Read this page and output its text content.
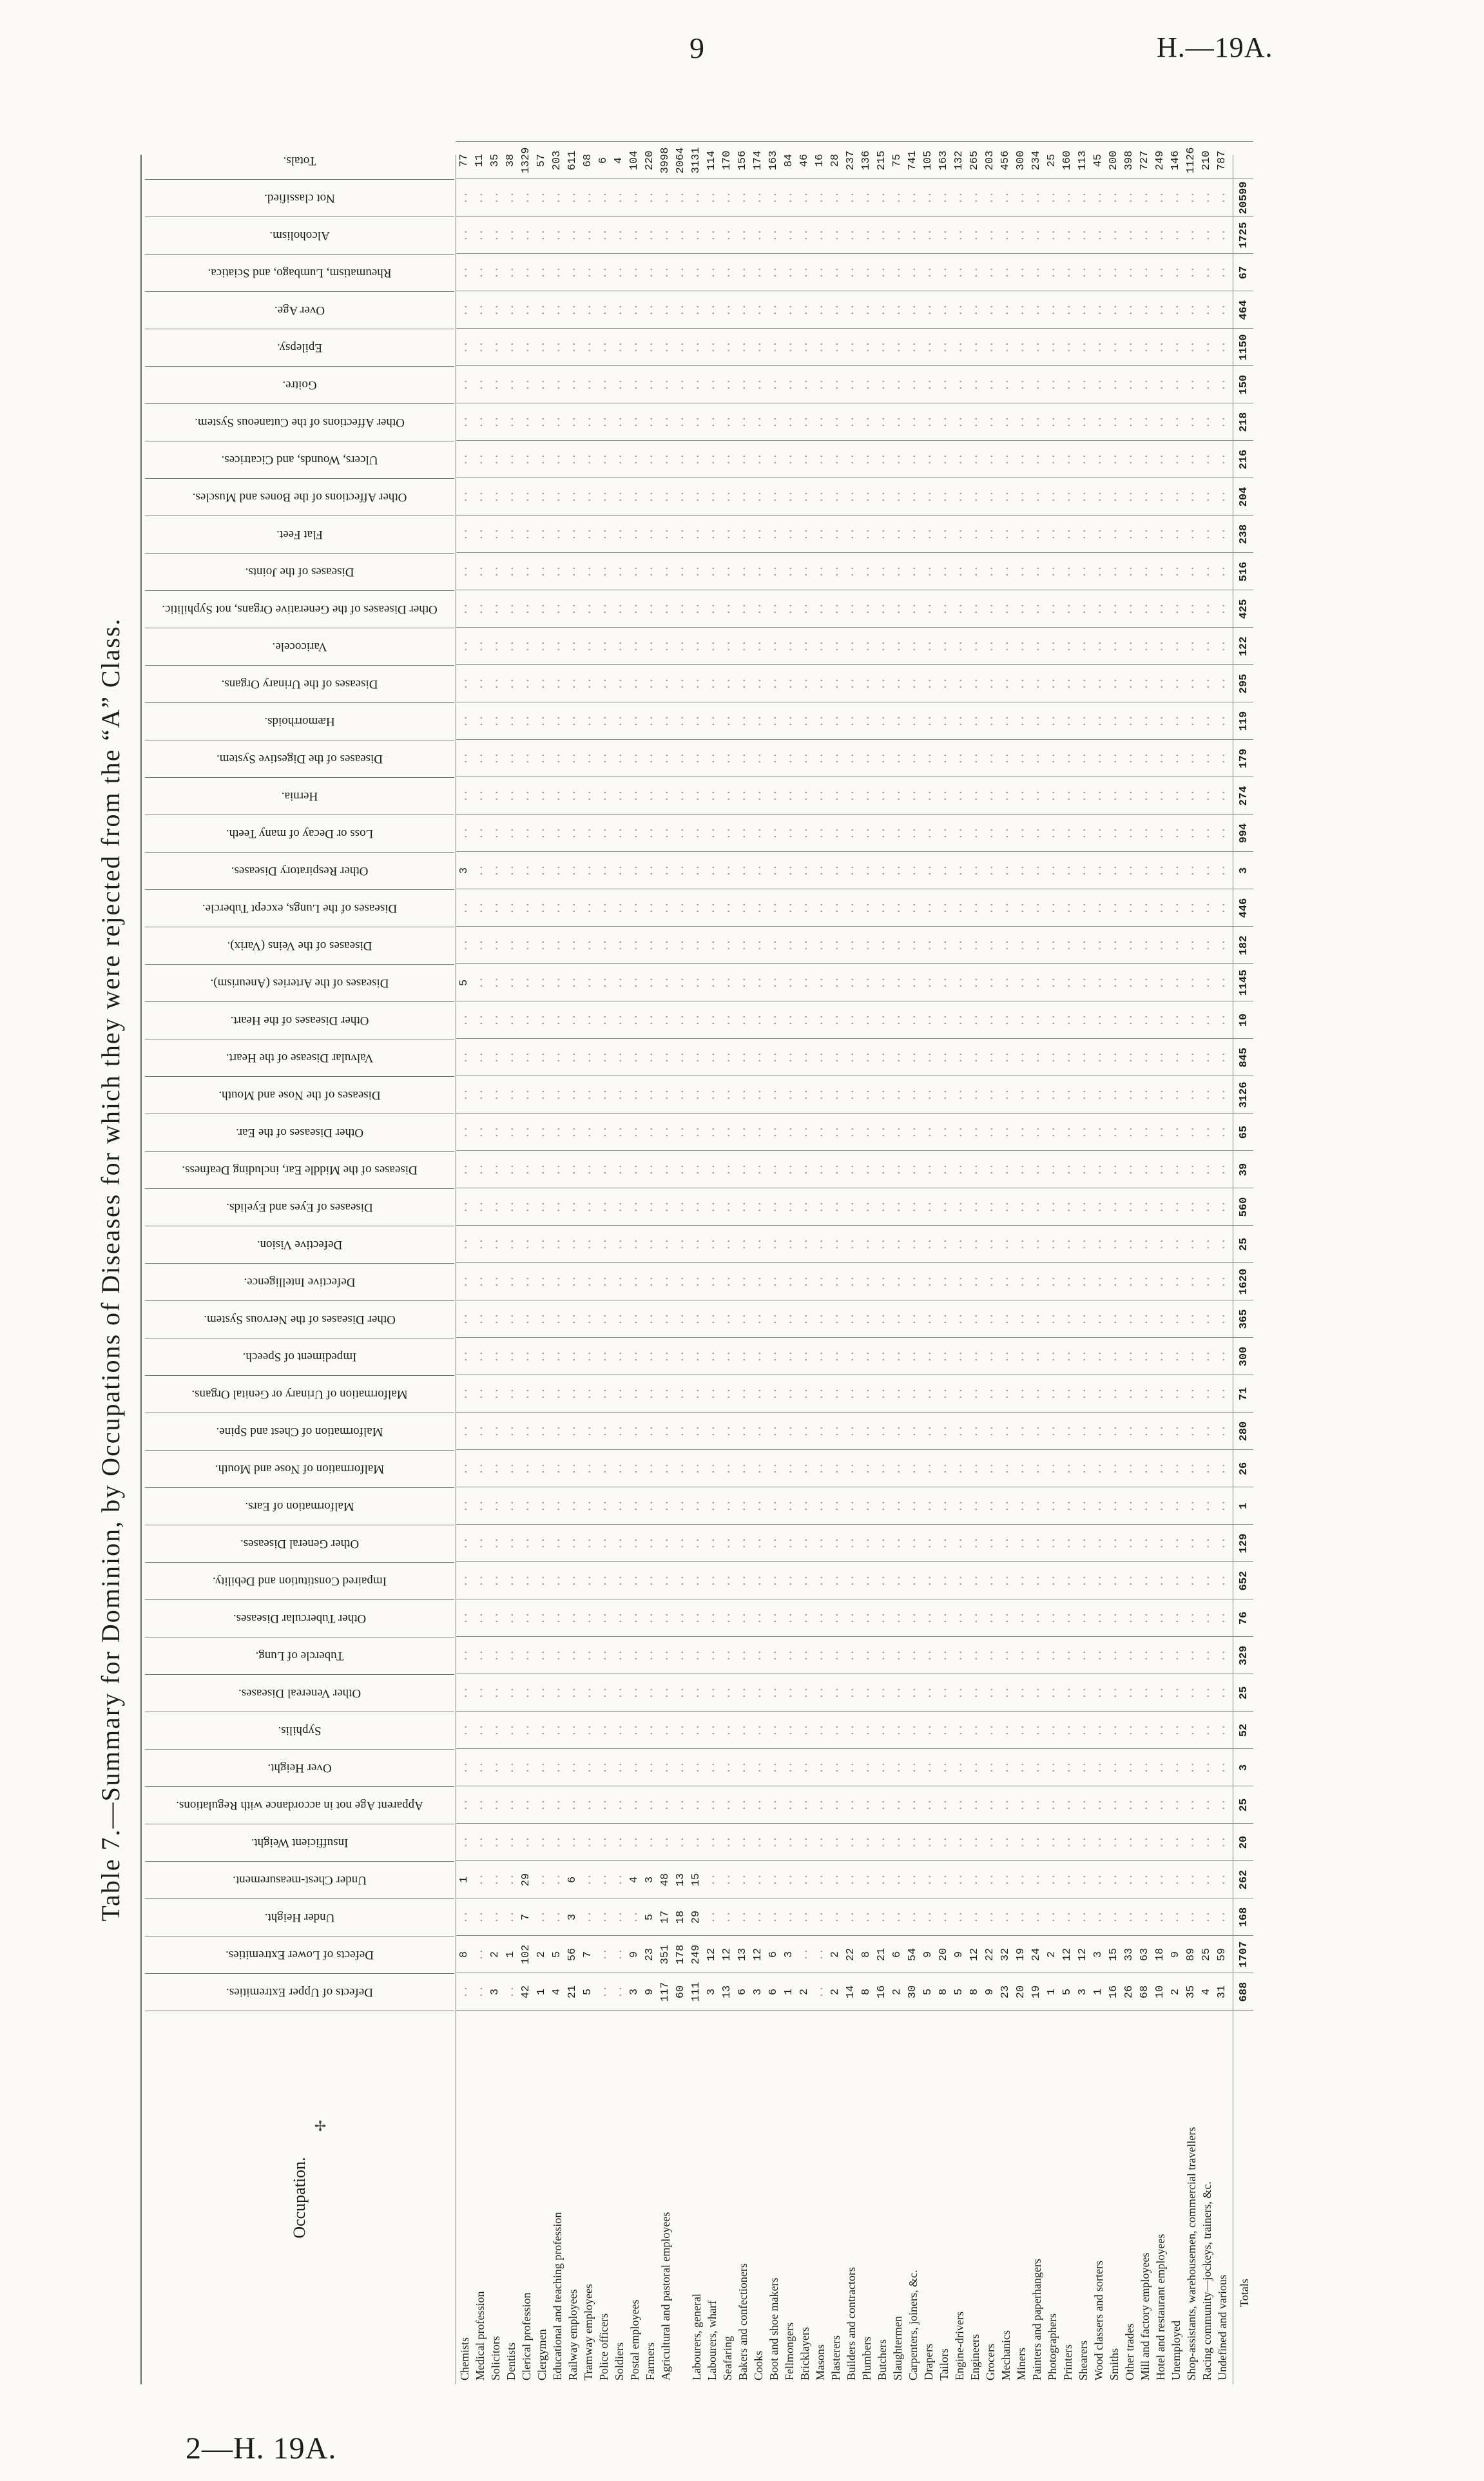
9	H.—19A.
Table 7.—Summary for Dominion, by Occupations of Diseases for which they were rejected from the “A” Class.
Occupation.
✢
Chemists
..
8
..
1
..
..
..
..
..
..
..
..
..
..
..
..
..
..
..
..
..
..
..
..
..
..
..
5
..
..
3
..
..
..
..
..
..
..
..
..
..
..
..
..
..
..
..
..
..
77
Medical profession
..
..
..
..
..
..
..
..
..
..
..
..
..
..
..
..
..
..
..
..
..
..
..
..
..
..
..
..
..
..
..
..
..
..
..
..
..
..
..
..
..
..
..
..
..
..
..
..
..
11
Solicitors
3
2
..
..
..
..
..
..
..
..
..
..
..
..
..
..
..
..
..
..
..
..
..
..
..
..
..
..
..
..
..
..
..
..
..
..
..
..
..
..
..
..
..
..
..
..
..
..
..
35
Dentists
..
1
..
..
..
..
..
..
..
..
..
..
..
..
..
..
..
..
..
..
..
..
..
..
..
..
..
..
..
..
..
..
..
..
..
..
..
..
..
..
..
..
..
..
..
..
..
..
..
38
Clerical profession
42
102
7
29
..
..
..
..
..
..
..
..
..
..
..
..
..
..
..
..
..
..
..
..
..
..
..
..
..
..
..
..
..
..
..
..
..
..
..
..
..
..
..
..
..
..
..
..
..
1329
Clergymen
1
2
..
..
..
..
..
..
..
..
..
..
..
..
..
..
..
..
..
..
..
..
..
..
..
..
..
..
..
..
..
..
..
..
..
..
..
..
..
..
..
..
..
..
..
..
..
..
..
57
Educational and teaching profession
4
5
..
..
..
..
..
..
..
..
..
..
..
..
..
..
..
..
..
..
..
..
..
..
..
..
..
..
..
..
..
..
..
..
..
..
..
..
..
..
..
..
..
..
..
..
..
..
..
203
Railway employees
21
56
3
6
..
..
..
..
..
..
..
..
..
..
..
..
..
..
..
..
..
..
..
..
..
..
..
..
..
..
..
..
..
..
..
..
..
..
..
..
..
..
..
..
..
..
..
..
..
611
Tramway employees
5
7
..
..
..
..
..
..
..
..
..
..
..
..
..
..
..
..
..
..
..
..
..
..
..
..
..
..
..
..
..
..
..
..
..
..
..
..
..
..
..
..
..
..
..
..
..
..
..
68
Police officers
..
..
..
..
..
..
..
..
..
..
..
..
..
..
..
..
..
..
..
..
..
..
..
..
..
..
..
..
..
..
..
..
..
..
..
..
..
..
..
..
..
..
..
..
..
..
..
..
..
6
Soldiers
..
..
..
..
..
..
..
..
..
..
..
..
..
..
..
..
..
..
..
..
..
..
..
..
..
..
..
..
..
..
..
..
..
..
..
..
..
..
..
..
..
..
..
..
..
..
..
..
..
4
Postal employees
3
9
..
4
..
..
..
..
..
..
..
..
..
..
..
..
..
..
..
..
..
..
..
..
..
..
..
..
..
..
..
..
..
..
..
..
..
..
..
..
..
..
..
..
..
..
..
..
..
104
Farmers
9
23
5
3
..
..
..
..
..
..
..
..
..
..
..
..
..
..
..
..
..
..
..
..
..
..
..
..
..
..
..
..
..
..
..
..
..
..
..
..
..
..
..
..
..
..
..
..
..
220
Agricultural and pastoral employees
117
351
17
48
..
..
..
..
..
..
..
..
..
..
..
..
..
..
..
..
..
..
..
..
..
..
..
..
..
..
..
..
..
..
..
..
..
..
..
..
..
..
..
..
..
..
..
..
..
3998
60
178
18
13
..
..
..
..
..
..
..
..
..
..
..
..
..
..
..
..
..
..
..
..
..
..
..
..
..
..
..
..
..
..
..
..
..
..
..
..
..
..
..
..
..
..
..
..
..
2064
Labourers, general
111
249
29
15
..
..
..
..
..
..
..
..
..
..
..
..
..
..
..
..
..
..
..
..
..
..
..
..
..
..
..
..
..
..
..
..
..
..
..
..
..
..
..
..
..
..
..
..
..
3131
Labourers, wharf
3
12
..
..
..
..
..
..
..
..
..
..
..
..
..
..
..
..
..
..
..
..
..
..
..
..
..
..
..
..
..
..
..
..
..
..
..
..
..
..
..
..
..
..
..
..
..
..
..
114
Seafaring
13
12
..
..
..
..
..
..
..
..
..
..
..
..
..
..
..
..
..
..
..
..
..
..
..
..
..
..
..
..
..
..
..
..
..
..
..
..
..
..
..
..
..
..
..
..
..
..
..
170
Bakers and confectioners
6
13
..
..
..
..
..
..
..
..
..
..
..
..
..
..
..
..
..
..
..
..
..
..
..
..
..
..
..
..
..
..
..
..
..
..
..
..
..
..
..
..
..
..
..
..
..
..
..
156
Cooks
3
12
..
..
..
..
..
..
..
..
..
..
..
..
..
..
..
..
..
..
..
..
..
..
..
..
..
..
..
..
..
..
..
..
..
..
..
..
..
..
..
..
..
..
..
..
..
..
..
174
Boot and shoe makers
6
6
..
..
..
..
..
..
..
..
..
..
..
..
..
..
..
..
..
..
..
..
..
..
..
..
..
..
..
..
..
..
..
..
..
..
..
..
..
..
..
..
..
..
..
..
..
..
..
163
Fellmongers
1
3
..
..
..
..
..
..
..
..
..
..
..
..
..
..
..
..
..
..
..
..
..
..
..
..
..
..
..
..
..
..
..
..
..
..
..
..
..
..
..
..
..
..
..
..
..
..
..
84
Bricklayers
2
..
..
..
..
..
..
..
..
..
..
..
..
..
..
..
..
..
..
..
..
..
..
..
..
..
..
..
..
..
..
..
..
..
..
..
..
..
..
..
..
..
..
..
..
..
..
..
..
46
Masons
..
..
..
..
..
..
..
..
..
..
..
..
..
..
..
..
..
..
..
..
..
..
..
..
..
..
..
..
..
..
..
..
..
..
..
..
..
..
..
..
..
..
..
..
..
..
..
..
..
16
Plasterers
2
2
..
..
..
..
..
..
..
..
..
..
..
..
..
..
..
..
..
..
..
..
..
..
..
..
..
..
..
..
..
..
..
..
..
..
..
..
..
..
..
..
..
..
..
..
..
..
..
28
Builders and contractors
14
22
..
..
..
..
..
..
..
..
..
..
..
..
..
..
..
..
..
..
..
..
..
..
..
..
..
..
..
..
..
..
..
..
..
..
..
..
..
..
..
..
..
..
..
..
..
..
..
237
Plumbers
8
8
..
..
..
..
..
..
..
..
..
..
..
..
..
..
..
..
..
..
..
..
..
..
..
..
..
..
..
..
..
..
..
..
..
..
..
..
..
..
..
..
..
..
..
..
..
..
..
136
Butchers
16
21
..
..
..
..
..
..
..
..
..
..
..
..
..
..
..
..
..
..
..
..
..
..
..
..
..
..
..
..
..
..
..
..
..
..
..
..
..
..
..
..
..
..
..
..
..
..
..
215
Slaughtermen
2
6
..
..
..
..
..
..
..
..
..
..
..
..
..
..
..
..
..
..
..
..
..
..
..
..
..
..
..
..
..
..
..
..
..
..
..
..
..
..
..
..
..
..
..
..
..
..
..
75
Carpenters, joiners, &c.
30
54
..
..
..
..
..
..
..
..
..
..
..
..
..
..
..
..
..
..
..
..
..
..
..
..
..
..
..
..
..
..
..
..
..
..
..
..
..
..
..
..
..
..
..
..
..
..
..
741
Drapers
5
9
..
..
..
..
..
..
..
..
..
..
..
..
..
..
..
..
..
..
..
..
..
..
..
..
..
..
..
..
..
..
..
..
..
..
..
..
..
..
..
..
..
..
..
..
..
..
..
105
Tailors
8
20
..
..
..
..
..
..
..
..
..
..
..
..
..
..
..
..
..
..
..
..
..
..
..
..
..
..
..
..
..
..
..
..
..
..
..
..
..
..
..
..
..
..
..
..
..
..
..
163
Engine-drivers
5
9
..
..
..
..
..
..
..
..
..
..
..
..
..
..
..
..
..
..
..
..
..
..
..
..
..
..
..
..
..
..
..
..
..
..
..
..
..
..
..
..
..
..
..
..
..
..
..
132
Engineers
8
12
..
..
..
..
..
..
..
..
..
..
..
..
..
..
..
..
..
..
..
..
..
..
..
..
..
..
..
..
..
..
..
..
..
..
..
..
..
..
..
..
..
..
..
..
..
..
..
265
Grocers
9
22
..
..
..
..
..
..
..
..
..
..
..
..
..
..
..
..
..
..
..
..
..
..
..
..
..
..
..
..
..
..
..
..
..
..
..
..
..
..
..
..
..
..
..
..
..
..
..
203
Mechanics
23
32
..
..
..
..
..
..
..
..
..
..
..
..
..
..
..
..
..
..
..
..
..
..
..
..
..
..
..
..
..
..
..
..
..
..
..
..
..
..
..
..
..
..
..
..
..
..
..
456
Miners
20
19
..
..
..
..
..
..
..
..
..
..
..
..
..
..
..
..
..
..
..
..
..
..
..
..
..
..
..
..
..
..
..
..
..
..
..
..
..
..
..
..
..
..
..
..
..
..
..
300
Painters and paperhangers
19
24
..
..
..
..
..
..
..
..
..
..
..
..
..
..
..
..
..
..
..
..
..
..
..
..
..
..
..
..
..
..
..
..
..
..
..
..
..
..
..
..
..
..
..
..
..
..
..
234
Photographers
1
2
..
..
..
..
..
..
..
..
..
..
..
..
..
..
..
..
..
..
..
..
..
..
..
..
..
..
..
..
..
..
..
..
..
..
..
..
..
..
..
..
..
..
..
..
..
..
..
25
Printers
5
12
..
..
..
..
..
..
..
..
..
..
..
..
..
..
..
..
..
..
..
..
..
..
..
..
..
..
..
..
..
..
..
..
..
..
..
..
..
..
..
..
..
..
..
..
..
..
..
160
Shearers
3
12
..
..
..
..
..
..
..
..
..
..
..
..
..
..
..
..
..
..
..
..
..
..
..
..
..
..
..
..
..
..
..
..
..
..
..
..
..
..
..
..
..
..
..
..
..
..
..
113
Wood classers and sorters
1
3
..
..
..
..
..
..
..
..
..
..
..
..
..
..
..
..
..
..
..
..
..
..
..
..
..
..
..
..
..
..
..
..
..
..
..
..
..
..
..
..
..
..
..
..
..
..
..
45
Smiths
16
15
..
..
..
..
..
..
..
..
..
..
..
..
..
..
..
..
..
..
..
..
..
..
..
..
..
..
..
..
..
..
..
..
..
..
..
..
..
..
..
..
..
..
..
..
..
..
..
200
Other trades
26
33
..
..
..
..
..
..
..
..
..
..
..
..
..
..
..
..
..
..
..
..
..
..
..
..
..
..
..
..
..
..
..
..
..
..
..
..
..
..
..
..
..
..
..
..
..
..
..
398
Mill and factory employees
68
63
..
..
..
..
..
..
..
..
..
..
..
..
..
..
..
..
..
..
..
..
..
..
..
..
..
..
..
..
..
..
..
..
..
..
..
..
..
..
..
..
..
..
..
..
..
..
..
727
Hotel and restaurant employees
10
18
..
..
..
..
..
..
..
..
..
..
..
..
..
..
..
..
..
..
..
..
..
..
..
..
..
..
..
..
..
..
..
..
..
..
..
..
..
..
..
..
..
..
..
..
..
..
..
249
Unemployed
2
9
..
..
..
..
..
..
..
..
..
..
..
..
..
..
..
..
..
..
..
..
..
..
..
..
..
..
..
..
..
..
..
..
..
..
..
..
..
..
..
..
..
..
..
..
..
..
..
146
Shop-assistants, warehousemen, commercial travellers
35
89
..
..
..
..
..
..
..
..
..
..
..
..
..
..
..
..
..
..
..
..
..
..
..
..
..
..
..
..
..
..
..
..
..
..
..
..
..
..
..
..
..
..
..
..
..
..
..
1126
Racing community—jockeys, trainers, &c.
4
25
..
..
..
..
..
..
..
..
..
..
..
..
..
..
..
..
..
..
..
..
..
..
..
..
..
..
..
..
..
..
..
..
..
..
..
..
..
..
..
..
..
..
..
..
..
..
..
210
Undefined and various
31
59
..
..
..
..
..
..
..
..
..
..
..
..
..
..
..
..
..
..
..
..
..
..
..
..
..
..
..
..
..
..
..
..
..
..
..
..
..
..
..
..
..
..
..
..
..
..
..
787
Totals
688
1707
168
262
20
25
3
52
25
329
76
652
129
1
26
280
71
300
365
1620
25
560
39
65
3126
845
10
1145
182
446
3
994
274
179
119
295
122
425
516
238
204
216
218
150
1150
464
67
1725
20599
Defects of Upper Extremities.
Defects of Lower Extremities.
Under Height.
Under Chest-measurement.
Insufficient Weight.
Apparent Age not in accordance with Regulations.
Over Height.
Syphilis.
Other Venereal Diseases.
Tubercle of Lung.
Other Tubercular Diseases.
Impaired Constitution and Debility.
Other General Diseases.
Malformation of Ears.
Malformation of Nose and Mouth.
Malformation of Chest and Spine.
Malformation of Urinary or Genital Organs.
Impediment of Speech.
Other Diseases of the Nervous System.
Defective Intelligence.
Defective Vision.
Diseases of Eyes and Eyelids.
Diseases of the Middle Ear, including Deafness.
Other Diseases of the Ear.
Diseases of the Nose and Mouth.
Valvular Disease of the Heart.
Other Diseases of the Heart.
Diseases of the Arteries (Aneurism).
Diseases of the Veins (Varix).
Diseases of the Lungs, except Tubercle.
Other Respiratory Diseases.
Loss or Decay of many Teeth.
Hernia.
Diseases of the Digestive System.
Hæmorrhoids.
Diseases of the Urinary Organs.
Varicocele.
Other Diseases of the Generative Organs, not Syphilitic.
Diseases of the Joints.
Flat Feet.
Other Affections of the Bones and Muscles.
Ulcers, Wounds, and Cicatrices.
Other Affections of the Cutaneous System.
Goitre.
Epilepsy.
Over Age.
Rheumatism, Lumbago, and Sciatica.
Alcoholism.
Not classified.
Totals.
2—H. 19A.
